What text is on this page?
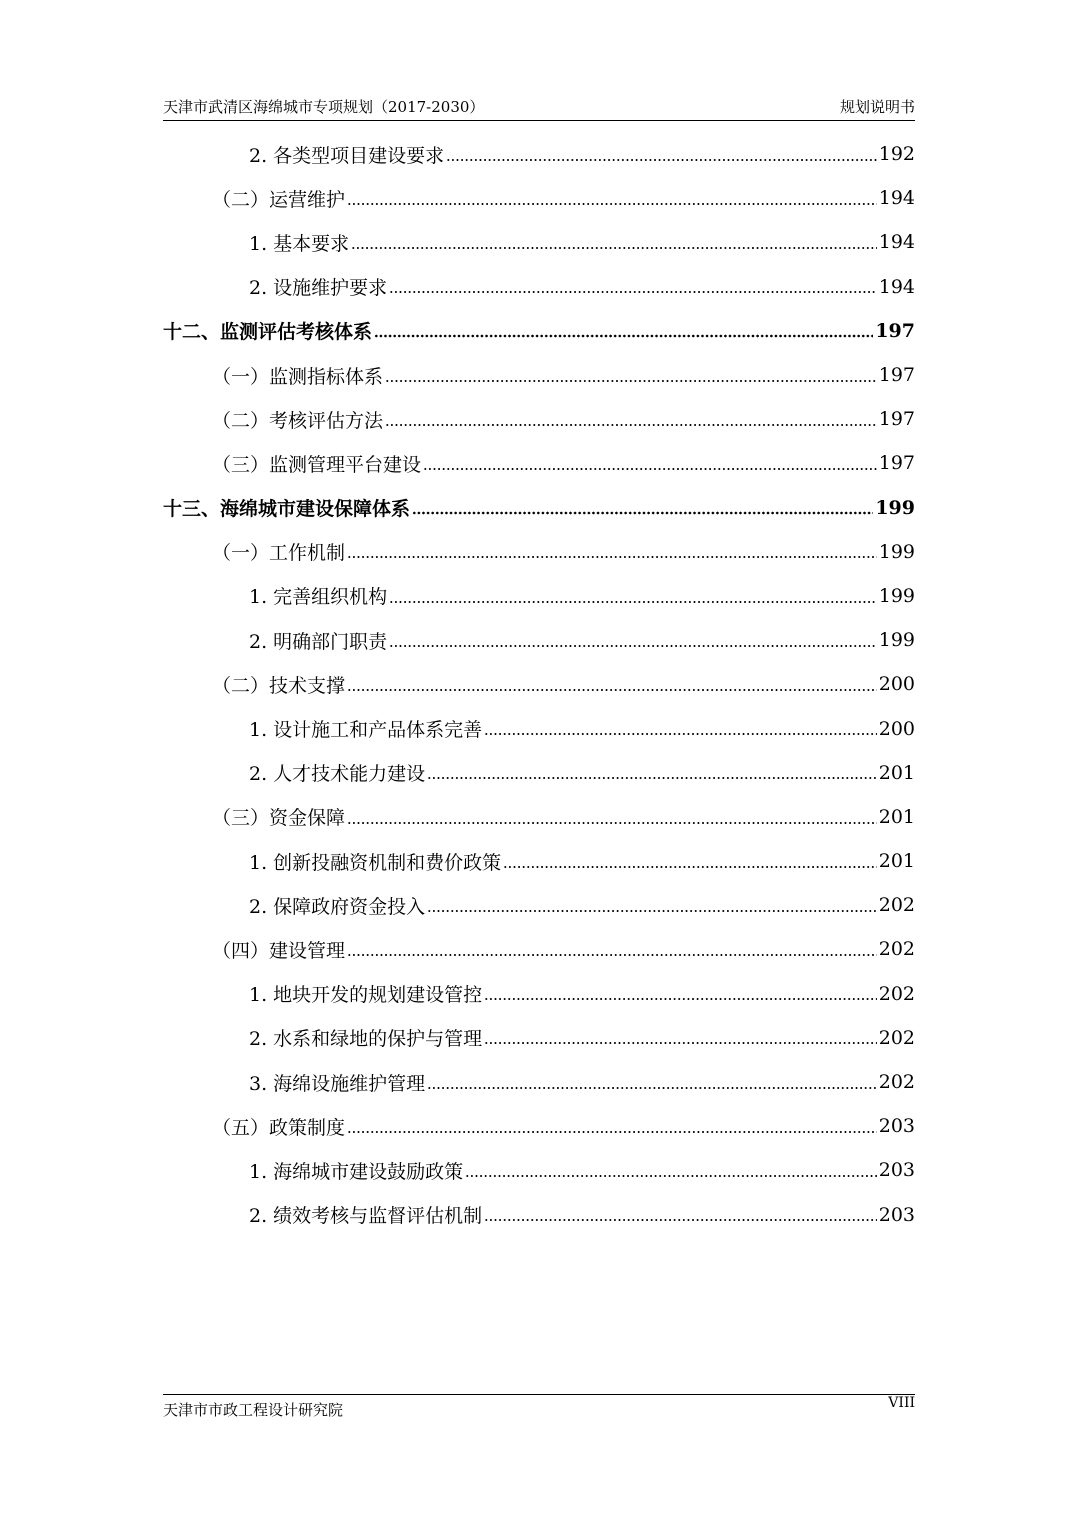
天津市武清区海绵城市专项规划（2017-2030）	规划说明书
2. 各类型项目建设要求	192
（二）运营维护	194
1. 基本要求	194
2. 设施维护要求	194
十二、监测评估考核体系	197
（一）监测指标体系	197
（二）考核评估方法	197
（三）监测管理平台建设	197
十三、海绵城市建设保障体系	199
（一）工作机制	199
1. 完善组织机构	199
2. 明确部门职责	199
（二）技术支撑	200
1. 设计施工和产品体系完善	200
2. 人才技术能力建设	201
（三）资金保障	201
1. 创新投融资机制和费价政策	201
2. 保障政府资金投入	202
（四）建设管理	202
1. 地块开发的规划建设管控	202
2. 水系和绿地的保护与管理	202
3. 海绵设施维护管理	202
（五）政策制度	203
1. 海绵城市建设鼓励政策	203
2. 绩效考核与监督评估机制	203
天津市市政工程设计研究院	VIII
